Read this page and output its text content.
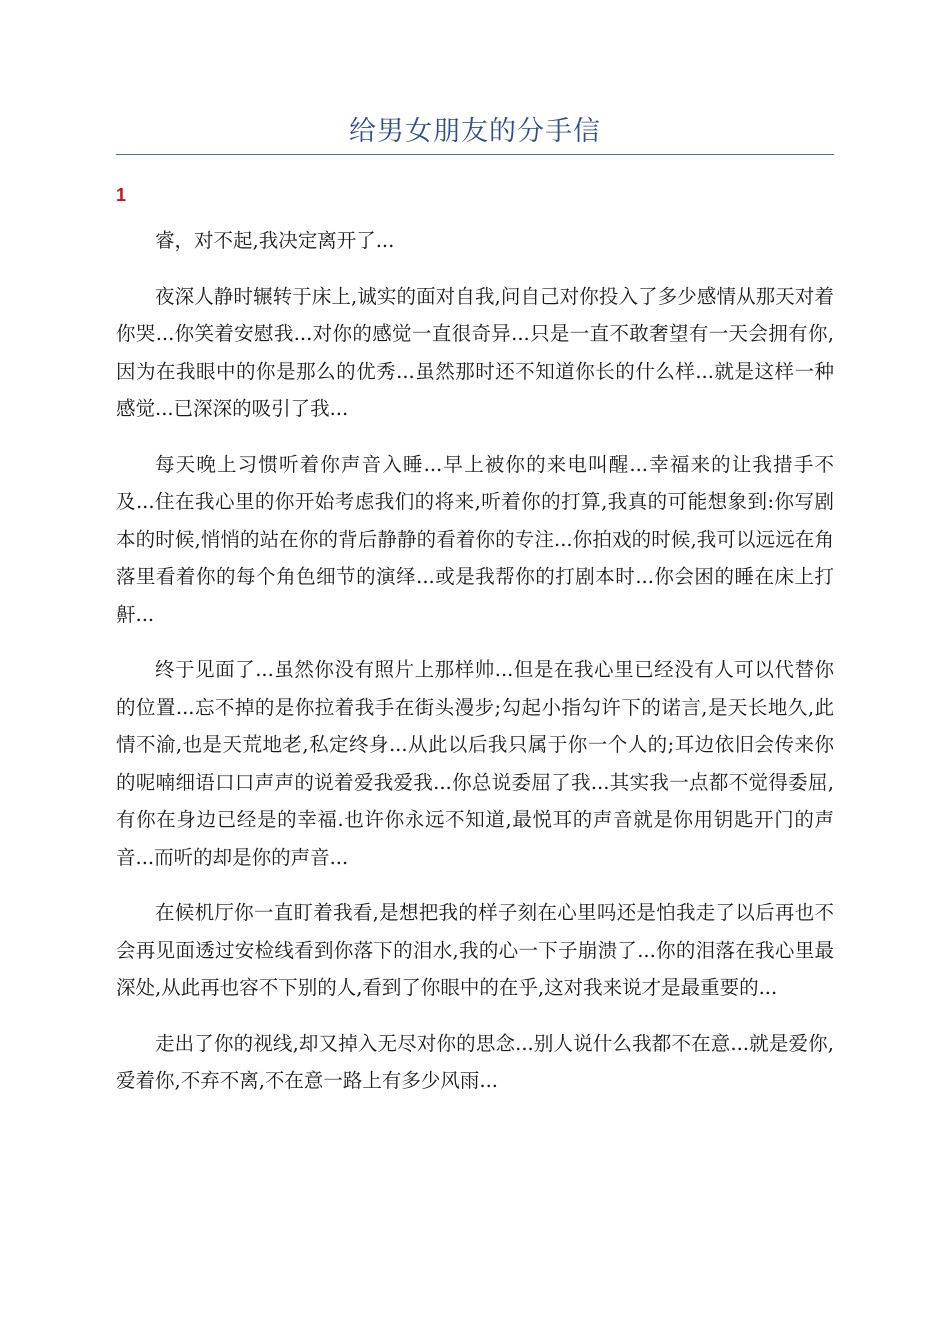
给男女朋友的分手信
1

睿，对不起,我决定离开了...

夜深人静时辗转于床上,诚实的面对自我,问自己对你投入了多少感情从那天对着你哭...你笑着安慰我...对你的感觉一直很奇异...只是一直不敢奢望有一天会拥有你,因为在我眼中的你是那么的优秀...虽然那时还不知道你长的什么样...就是这样一种感觉...已深深的吸引了我...

每天晚上习惯听着你声音入睡...早上被你的来电叫醒...幸福来的让我措手不及...住在我心里的你开始考虑我们的将来,听着你的打算,我真的可能想象到:你写剧本的时候,悄悄的站在你的背后静静的看着你的专注...你拍戏的时候,我可以远远在角落里看着你的每个角色细节的演绎...或是我帮你的打剧本时...你会困的睡在床上打鼾...

终于见面了...虽然你没有照片上那样帅...但是在我心里已经没有人可以代替你的位置...忘不掉的是你拉着我手在街头漫步;勾起小指勾许下的诺言,是天长地久,此情不渝,也是天荒地老,私定终身...从此以后我只属于你一个人的;耳边依旧会传来你的呢喃细语口口声声的说着爱我爱我...你总说委屈了我...其实我一点都不觉得委屈,有你在身边已经是的幸福.也许你永远不知道,最悦耳的声音就是你用钥匙开门的声音...而听的却是你的声音...

在候机厅你一直盯着我看,是想把我的样子刻在心里吗还是怕我走了以后再也不会再见面透过安检线看到你落下的泪水,我的心一下子崩溃了...你的泪落在我心里最深处,从此再也容不下别的人,看到了你眼中的在乎,这对我来说才是最重要的...

走出了你的视线,却又掉入无尽对你的思念...别人说什么我都不在意...就是爱你,爱着你,不弃不离,不在意一路上有多少风雨...
